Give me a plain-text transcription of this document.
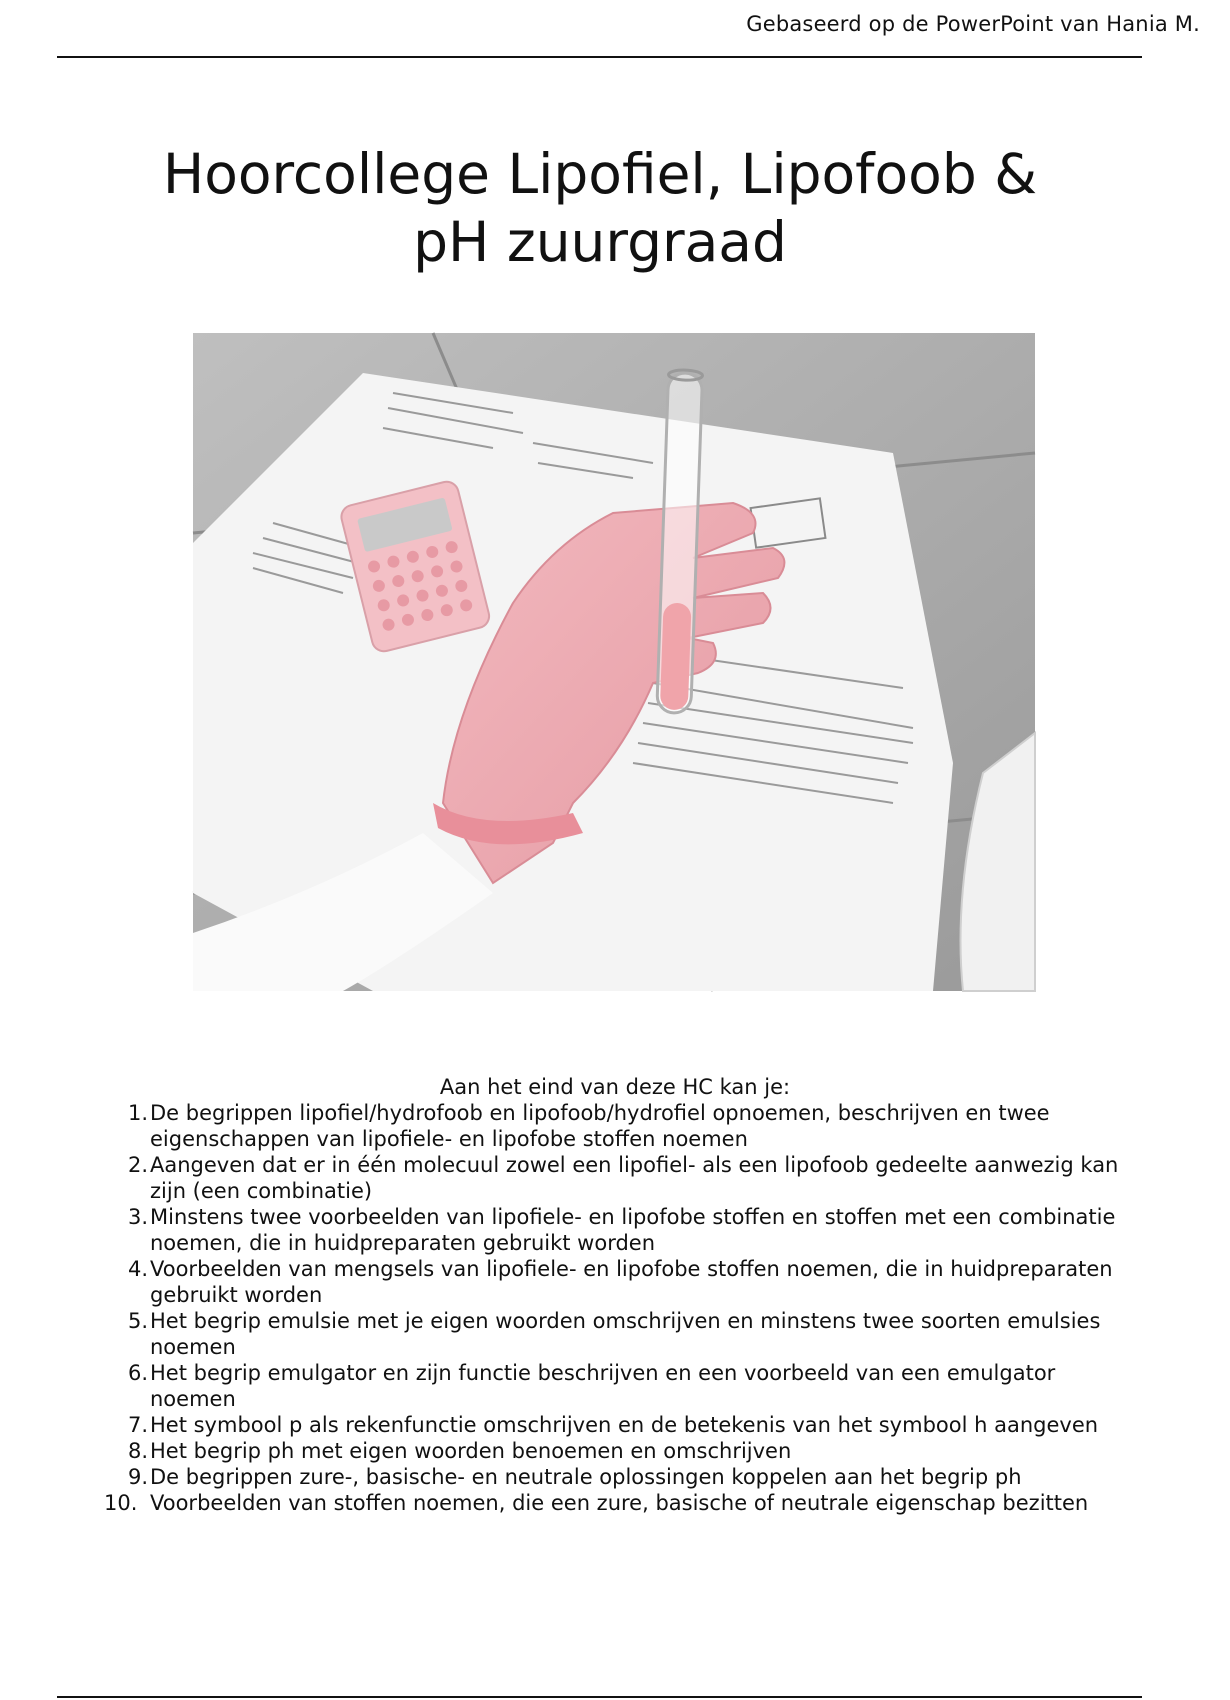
Gebaseerd op de PowerPoint van Hania M.
Hoorcollege Lipofiel, Lipofoob &
pH zuurgraad
Aan het eind van deze HC kan je:
1. De begrippen lipofiel/hydrofoob en lipofoob/hydrofiel opnoemen, beschrijven en twee eigenschappen van lipofiele- en lipofobe stoffen noemen
2. Aangeven dat er in één molecuul zowel een lipofiel- als een lipofoob gedeelte aanwezig kan zijn (een combinatie)
3. Minstens twee voorbeelden van lipofiele- en lipofobe stoffen en stoffen met een combinatie noemen, die in huidpreparaten gebruikt worden
4. Voorbeelden van mengsels van lipofiele- en lipofobe stoffen noemen, die in huidpreparaten gebruikt worden
5. Het begrip emulsie met je eigen woorden omschrijven en minstens twee soorten emulsies noemen
6. Het begrip emulgator en zijn functie beschrijven en een voorbeeld van een emulgator noemen
7. Het symbool p als rekenfunctie omschrijven en de betekenis van het symbool h aangeven
8. Het begrip ph met eigen woorden benoemen en omschrijven
9. De begrippen zure-, basische- en neutrale oplossingen koppelen aan het begrip ph
10. Voorbeelden van stoffen noemen, die een zure, basische of neutrale eigenschap bezitten
